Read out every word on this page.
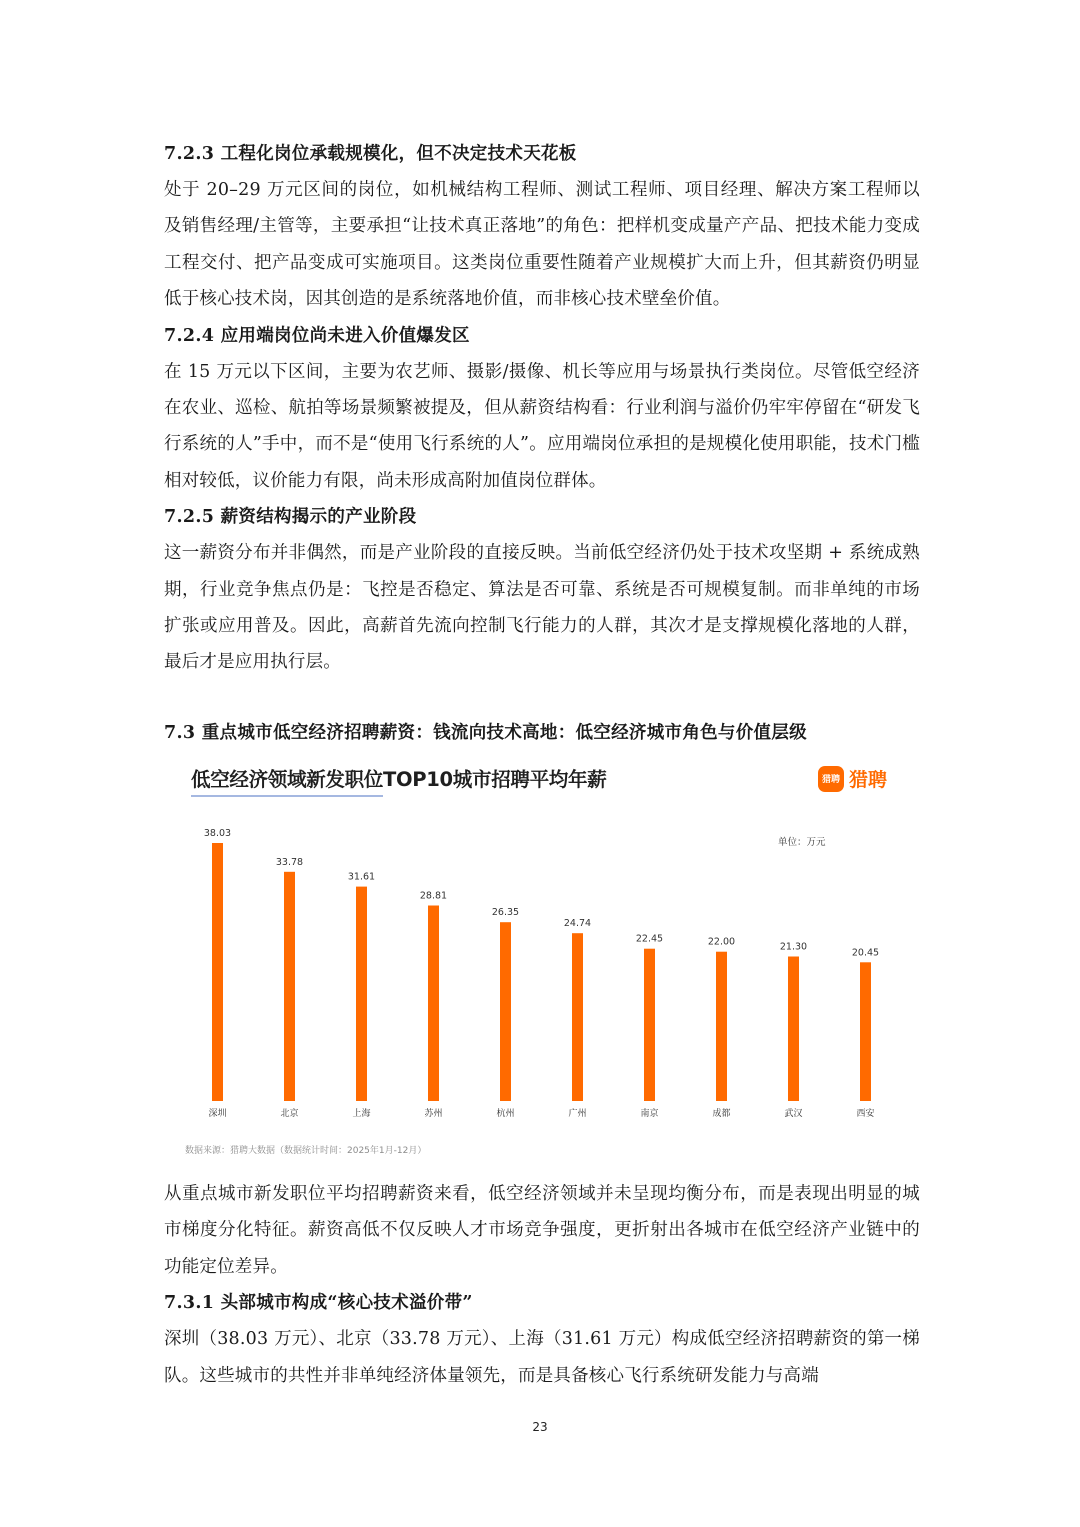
7.2.3 工程化岗位承载规模化，但不决定技术天花板
处于 20–29 万元区间的岗位，如机械结构工程师、测试工程师、项目经理、解决方案工程师以及销售经理/主管等，主要承担“让技术真正落地”的角色：把样机变成量产产品、把技术能力变成工程交付、把产品变成可实施项目。这类岗位重要性随着产业规模扩大而上升，但其薪资仍明显低于核心技术岗，因其创造的是系统落地价值，而非核心技术壁垒价值。
7.2.4 应用端岗位尚未进入价值爆发区
在 15 万元以下区间，主要为农艺师、摄影/摄像、机长等应用与场景执行类岗位。尽管低空经济在农业、巡检、航拍等场景频繁被提及，但从薪资结构看：行业利润与溢价仍牢牢停留在“研发飞行系统的人”手中，而不是“使用飞行系统的人”。应用端岗位承担的是规模化使用职能，技术门槛相对较低，议价能力有限，尚未形成高附加值岗位群体。
7.2.5 薪资结构揭示的产业阶段
这一薪资分布并非偶然，而是产业阶段的直接反映。当前低空经济仍处于技术攻坚期 + 系统成熟期，行业竞争焦点仍是：飞控是否稳定、算法是否可靠、系统是否可规模复制。而非单纯的市场扩张或应用普及。因此，高薪首先流向控制飞行能力的人群，其次才是支撑规模化落地的人群，最后才是应用执行层。
7.3 重点城市低空经济招聘薪资：钱流向技术高地：低空经济城市角色与价值层级
低空经济领域新发职位TOP10城市招聘平均年薪	猎聘 猎聘
单位：万元
38.03
深圳
33.78
北京
31.61
上海
28.81
苏州
26.35
杭州
24.74
广州
22.45
南京
22.00
成都
21.30
武汉
20.45
西安
数据来源：猎聘大数据（数据统计时间：2025年1月-12月）
从重点城市新发职位平均招聘薪资来看，低空经济领域并未呈现均衡分布，而是表现出明显的城市梯度分化特征。薪资高低不仅反映人才市场竞争强度，更折射出各城市在低空经济产业链中的功能定位差异。
7.3.1 头部城市构成“核心技术溢价带”
深圳（38.03 万元）、北京（33.78 万元）、上海（31.61 万元）构成低空经济招聘薪资的第一梯队。这些城市的共性并非单纯经济体量领先，而是具备核心飞行系统研发能力与高端
23
